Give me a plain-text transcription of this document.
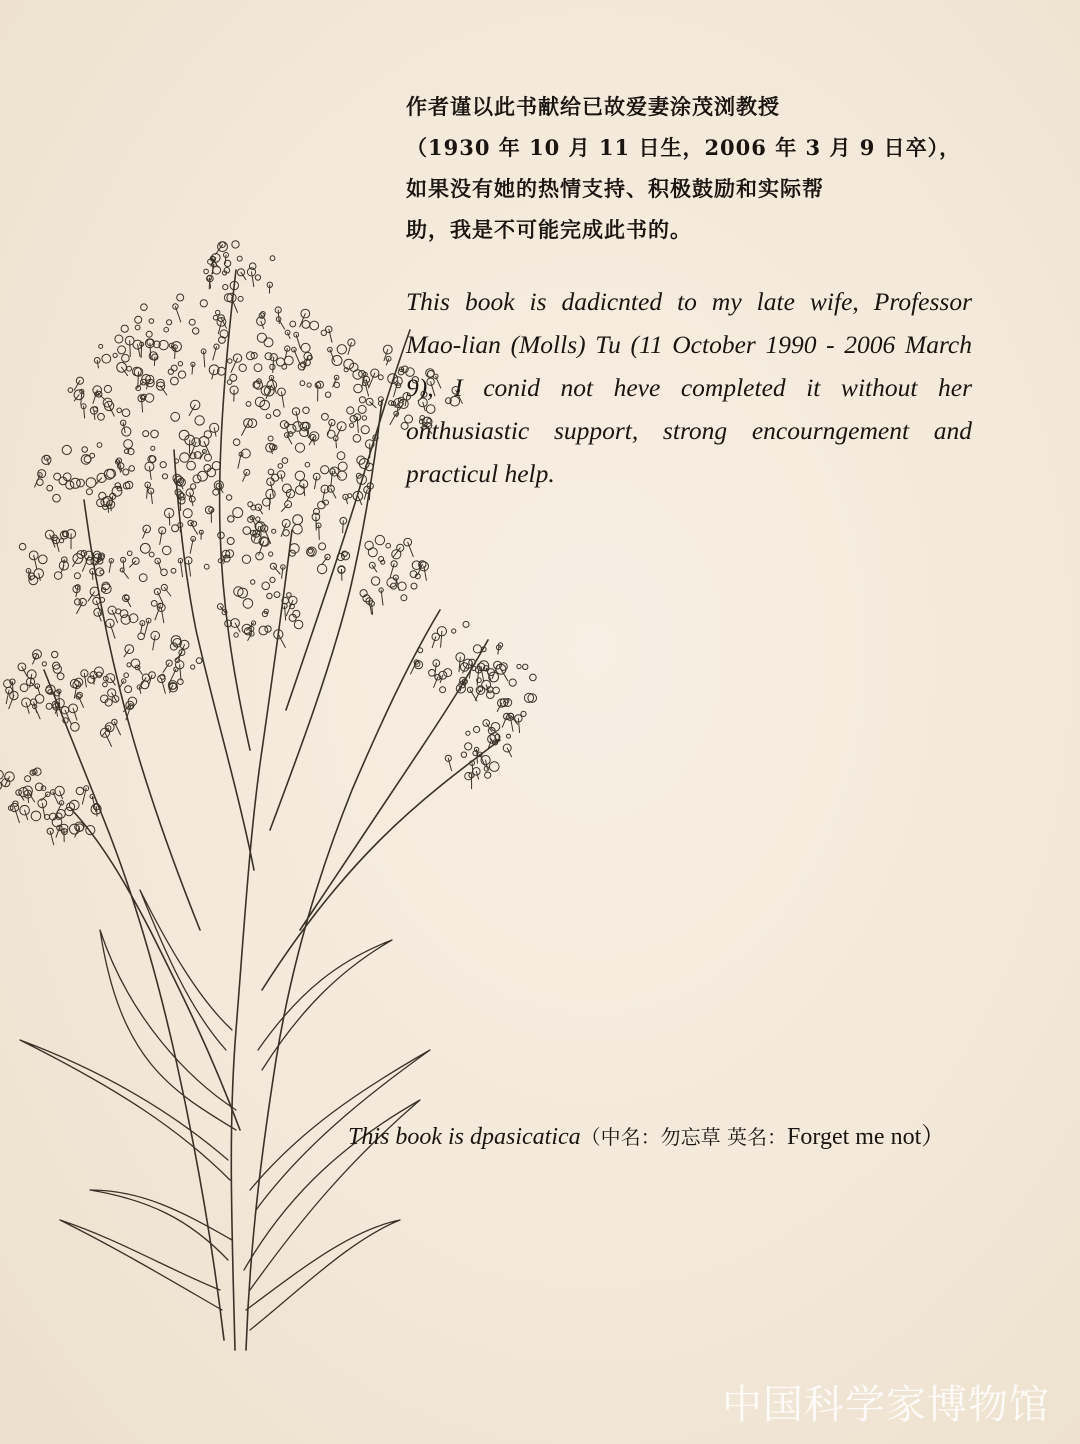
作者谨以此书献给已故爱妻涂茂浏教授
（1930 年 10 月 11 日生，2006 年 3 月 9 日卒），
如果没有她的热情支持、积极鼓励和实际帮
助，我是不可能完成此书的。
This book is dadicnted to my late wife, Professor
Mao-lian (Molls) Tu (11 October 1990 - 2006 March
9), I conid not heve completed it without her
onthusiastic support, strong encourngement and
practicul help.
This book is dpasicatica（中名：勿忘草 英名：Forget me not）
中国科学家博物馆
